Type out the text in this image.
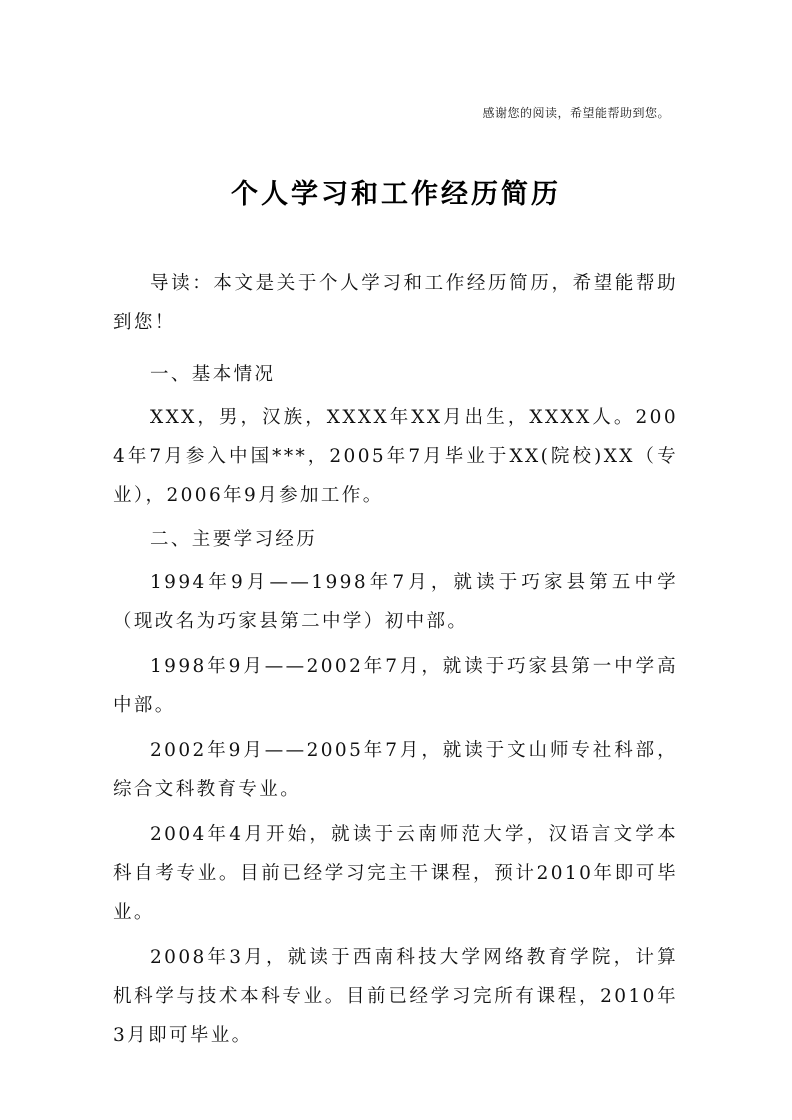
感谢您的阅读，希望能帮助到您。
个人学习和工作经历简历

导读：本文是关于个人学习和工作经历简历，希望能帮助到您！

一、基本情况

XXX，男，汉族，XXXX年XX月出生，XXXX人。2004年7月参入中国***，2005年7月毕业于XX(院校)XX（专业），2006年9月参加工作。

二、主要学习经历

1994年9月——1998年7月，就读于巧家县第五中学（现改名为巧家县第二中学）初中部。

1998年9月——2002年7月，就读于巧家县第一中学高中部。

2002年9月——2005年7月，就读于文山师专社科部，综合文科教育专业。

2004年4月开始，就读于云南师范大学，汉语言文学本科自考专业。目前已经学习完主干课程，预计2010年即可毕业。

2008年3月，就读于西南科技大学网络教育学院，计算机科学与技术本科专业。目前已经学习完所有课程，2010年3月即可毕业。
